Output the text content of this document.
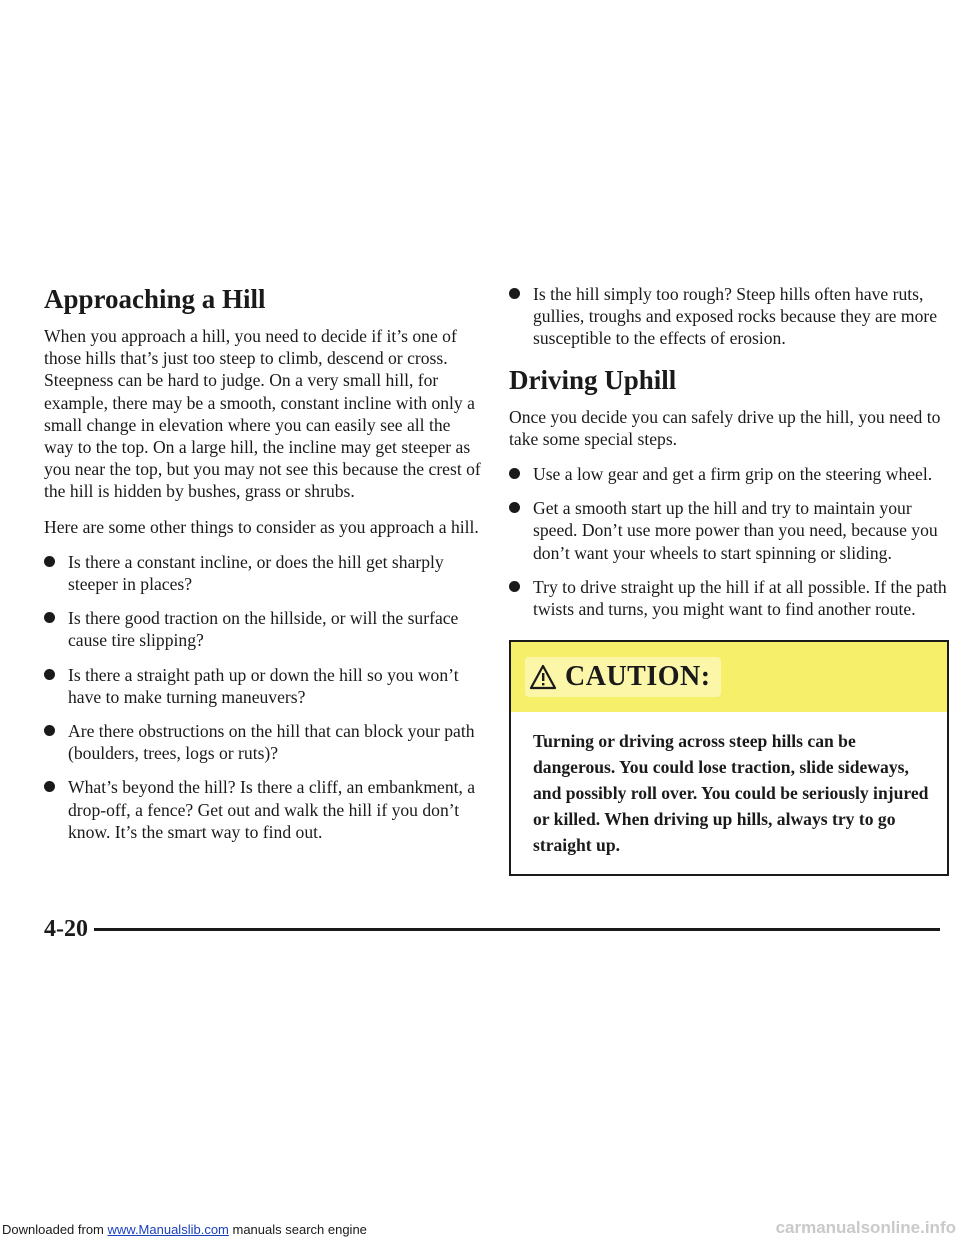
Approaching a Hill

When you approach a hill, you need to decide if it’s one of those hills that’s just too steep to climb, descend or cross. Steepness can be hard to judge. On a very small hill, for example, there may be a smooth, constant incline with only a small change in elevation where you can easily see all the way to the top. On a large hill, the incline may get steeper as you near the top, but you may not see this because the crest of the hill is hidden by bushes, grass or shrubs.

Here are some other things to consider as you approach a hill.

Is there a constant incline, or does the hill get sharply steeper in places?
Is there good traction on the hillside, or will the surface cause tire slipping?
Is there a straight path up or down the hill so you won’t have to make turning maneuvers?
Are there obstructions on the hill that can block your path (boulders, trees, logs or ruts)?
What’s beyond the hill? Is there a cliff, an embankment, a drop-off, a fence? Get out and walk the hill if you don’t know. It’s the smart way to find out.
Is the hill simply too rough? Steep hills often have ruts, gullies, troughs and exposed rocks because they are more susceptible to the effects of erosion.
Driving Uphill

Once you decide you can safely drive up the hill, you need to take some special steps.

Use a low gear and get a firm grip on the steering wheel.
Get a smooth start up the hill and try to maintain your speed. Don’t use more power than you need, because you don’t want your wheels to start spinning or sliding.
Try to drive straight up the hill if at all possible. If the path twists and turns, you might want to find another route.
CAUTION:
Turning or driving across steep hills can be dangerous. You could lose traction, slide sideways, and possibly roll over. You could be seriously injured or killed. When driving up hills, always try to go straight up.
4-20
Downloaded from www.Manualslib.com manuals search engine	carmanualsonline.info
